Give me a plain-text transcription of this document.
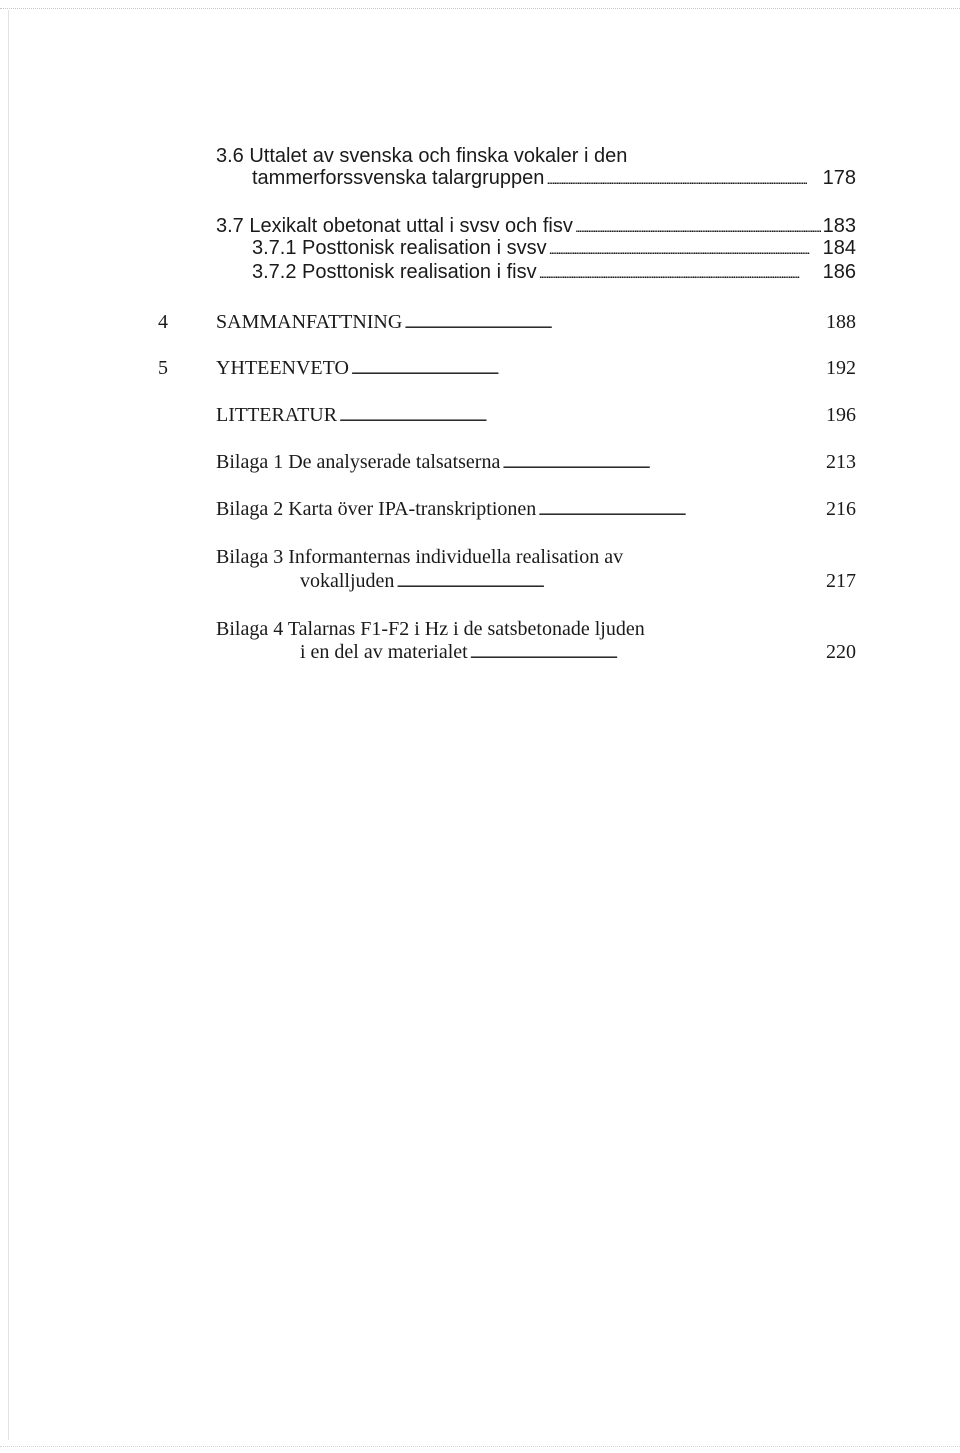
3.6 Uttalet av svenska och finska vokaler i den
tammerforssvenska talargruppen . . .	178
3.7 Lexikalt obetonat uttal i svsv och fisv . . .	183
3.7.1 Posttonisk realisation i svsv . . .	184
3.7.2 Posttonisk realisation i fisv . . .	186
4 SAMMANFATTNING . . .	188
5 YHTEENVETO . . .	192
LITTERATUR . . .	196
Bilaga 1 De analyserade talsatserna . . .	213
Bilaga 2 Karta över IPA-transkriptionen . . .	216
Bilaga 3 Informanternas individuella realisation av
vokalljuden . . .	217
Bilaga 4 Talarnas F1-F2 i Hz i de satsbetonade ljuden
i en del av materialet . . .	220
